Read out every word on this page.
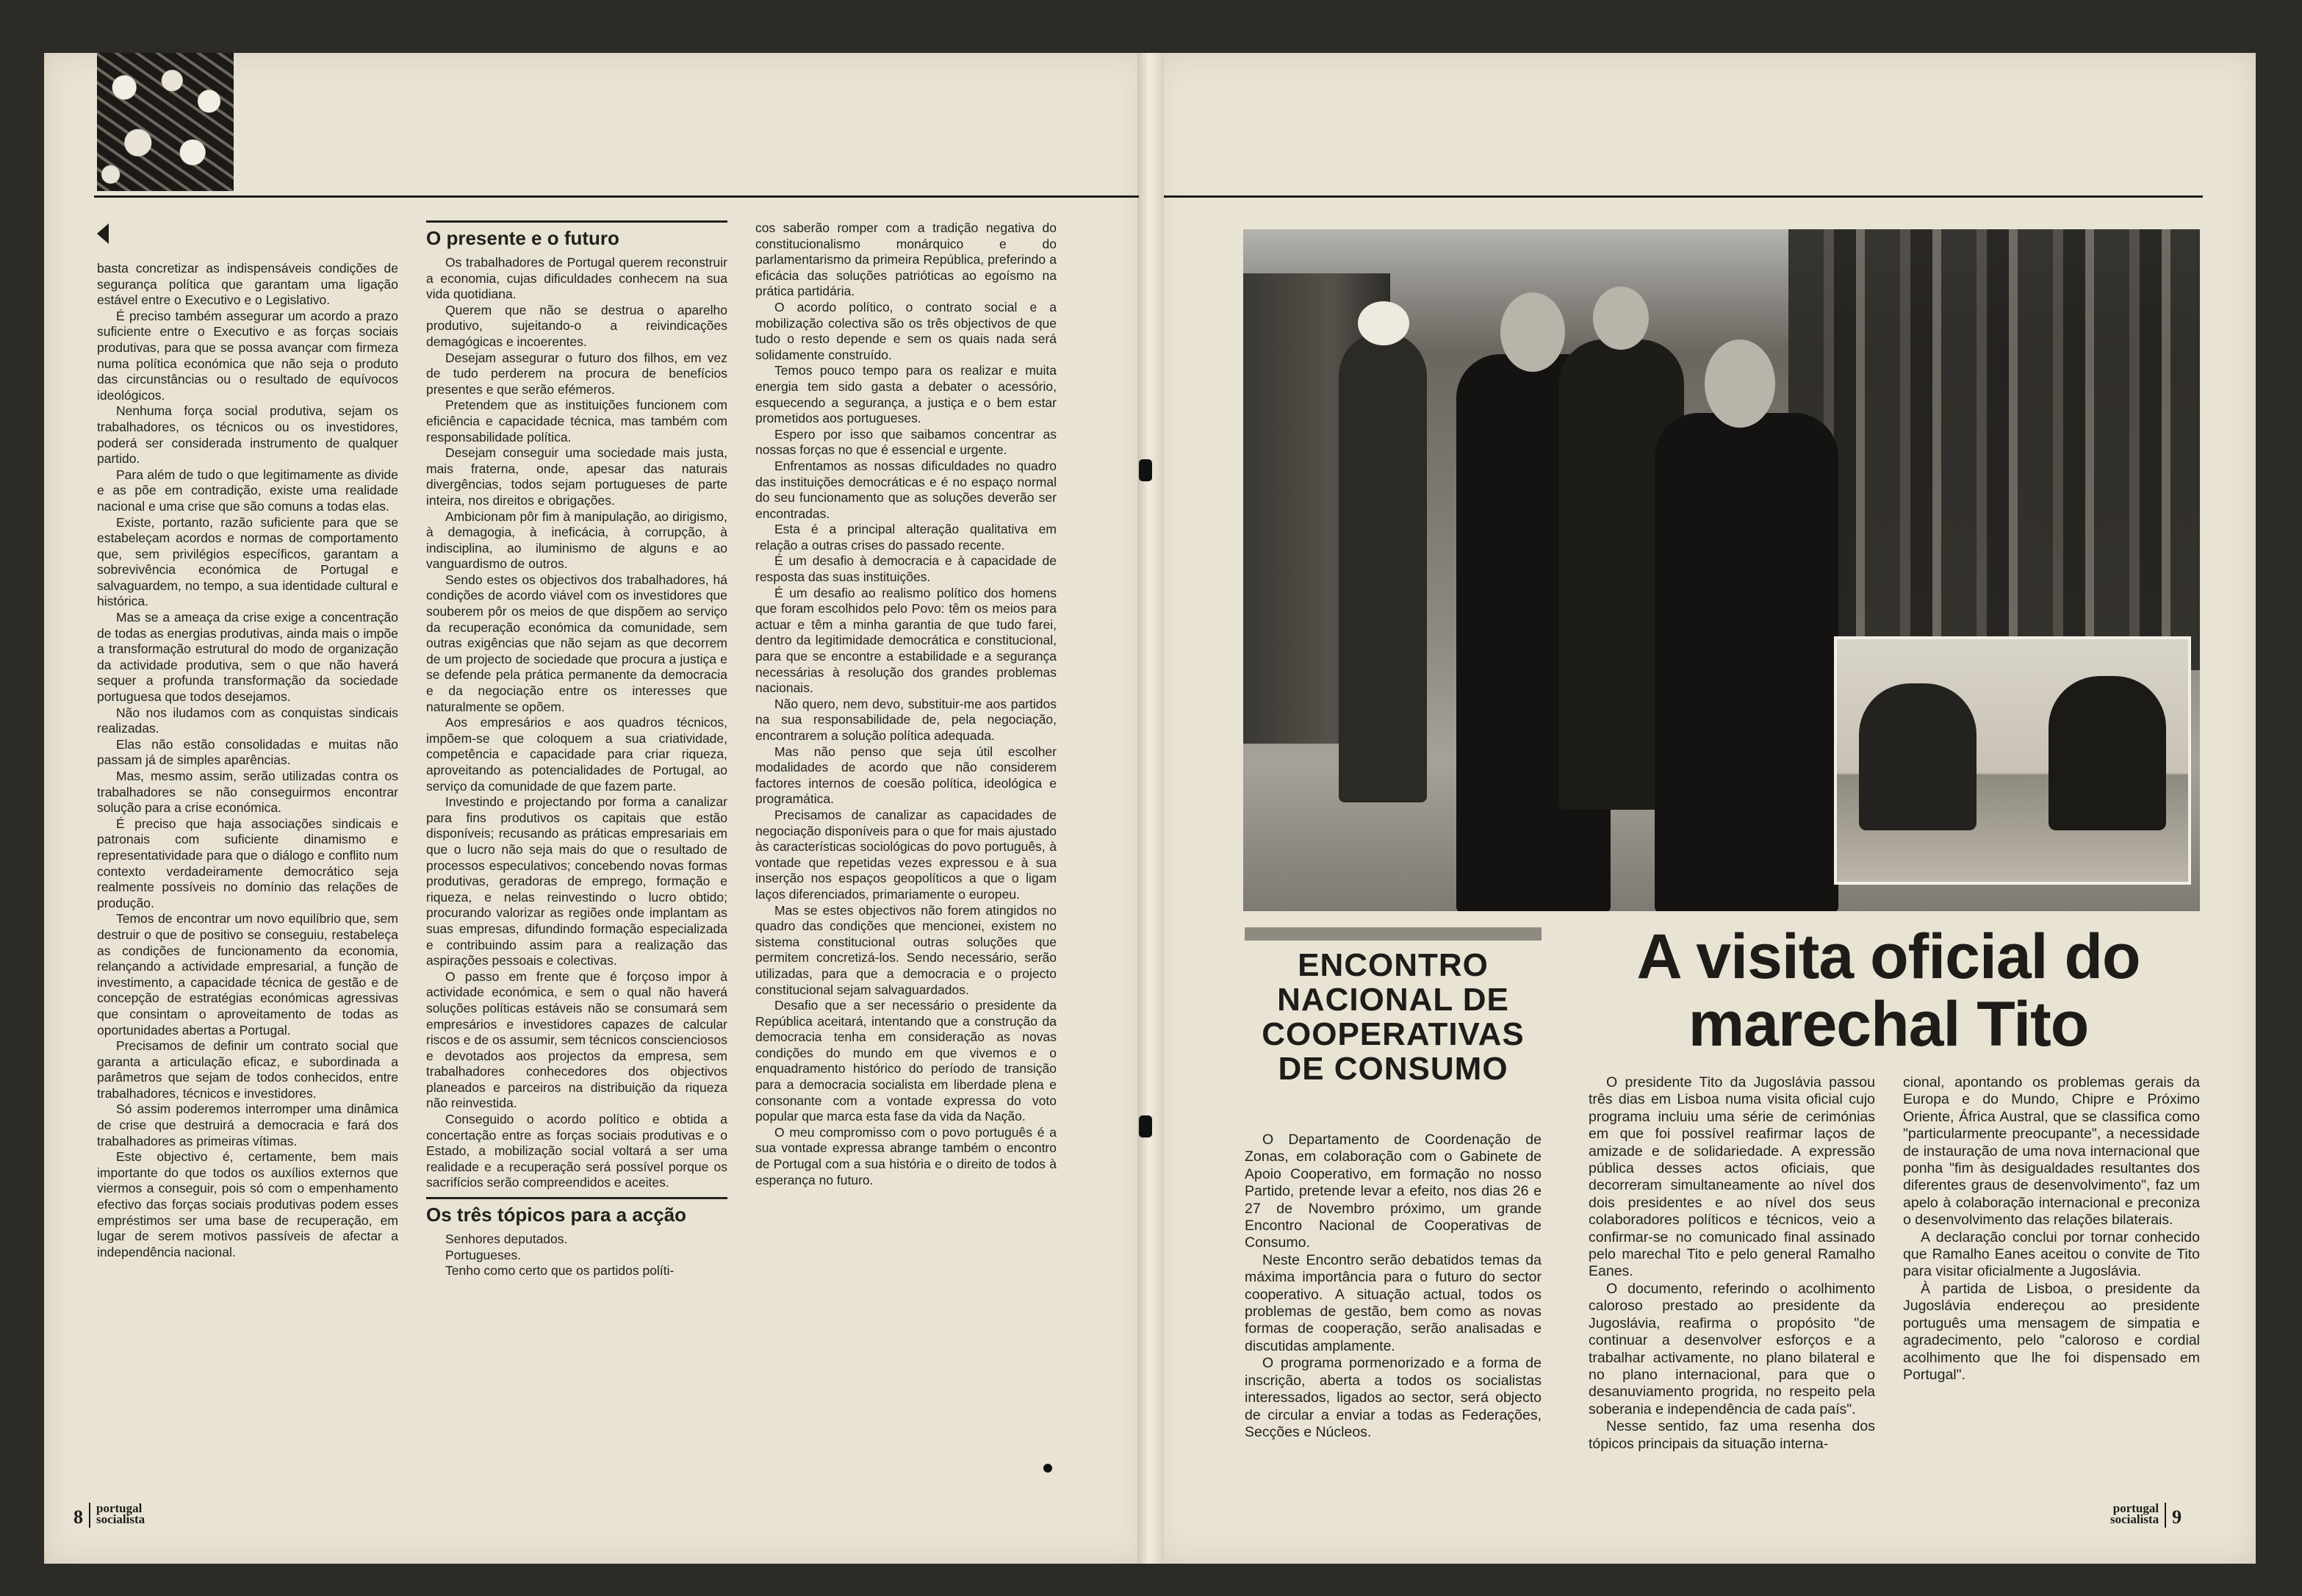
basta concretizar as indispensáveis condições de segurança política que garantam uma ligação estável entre o Executivo e o Legislativo.

É preciso também assegurar um acordo a prazo suficiente entre o Executivo e as forças sociais produtivas, para que se possa avançar com firmeza numa política económica que não seja o produto das circunstâncias ou o resultado de equívocos ideológicos.

Nenhuma força social produtiva, sejam os trabalhadores, os técnicos ou os investidores, poderá ser considerada instrumento de qualquer partido.

Para além de tudo o que legitimamente as divide e as põe em contradição, existe uma realidade nacional e uma crise que são comuns a todas elas.

Existe, portanto, razão suficiente para que se estabeleçam acordos e normas de comportamento que, sem privilégios específicos, garantam a sobrevivência económica de Portugal e salvaguardem, no tempo, a sua identidade cultural e histórica.

Mas se a ameaça da crise exige a concentração de todas as energias produtivas, ainda mais o impõe a transformação estrutural do modo de organização da actividade produtiva, sem o que não haverá sequer a profunda transformação da sociedade portuguesa que todos desejamos.

Não nos iludamos com as conquistas sindicais realizadas.

Elas não estão consolidadas e muitas não passam já de simples aparências.

Mas, mesmo assim, serão utilizadas contra os trabalhadores se não conseguirmos encontrar solução para a crise económica.

É preciso que haja associações sindicais e patronais com suficiente dinamismo e representatividade para que o diálogo e conflito num contexto verdadeiramente democrático seja realmente possíveis no domínio das relações de produção.

Temos de encontrar um novo equilíbrio que, sem destruir o que de positivo se conseguiu, restabeleça as condições de funcionamento da economia, relançando a actividade empresarial, a função de investimento, a capacidade técnica de gestão e de concepção de estratégias económicas agressivas que consintam o aproveitamento de todas as oportunidades abertas a Portugal.

Precisamos de definir um contrato social que garanta a articulação eficaz, e subordinada a parâmetros que sejam de todos conhecidos, entre trabalhadores, técnicos e investidores.

Só assim poderemos interromper uma dinâmica de crise que destruirá a democracia e fará dos trabalhadores as primeiras vítimas.

Este objectivo é, certamente, bem mais importante do que todos os auxílios externos que viermos a conseguir, pois só com o empenhamento efectivo das forças sociais produtivas podem esses empréstimos ser uma base de recuperação, em lugar de serem motivos passíveis de afectar a independência nacional.

O presente e o futuro

Os trabalhadores de Portugal querem reconstruir a economia, cujas dificuldades conhecem na sua vida quotidiana.

Querem que não se destrua o aparelho produtivo, sujeitando-o a reivindicações demagógicas e incoerentes.

Desejam assegurar o futuro dos filhos, em vez de tudo perderem na procura de benefícios presentes e que serão efémeros.

Pretendem que as instituições funcionem com eficiência e capacidade técnica, mas também com responsabilidade política.

Desejam conseguir uma sociedade mais justa, mais fraterna, onde, apesar das naturais divergências, todos sejam portugueses de parte inteira, nos direitos e obrigações.

Ambicionam pôr fim à manipulação, ao dirigismo, à demagogia, à ineficácia, à corrupção, à indisciplina, ao iluminismo de alguns e ao vanguardismo de outros.

Sendo estes os objectivos dos trabalhadores, há condições de acordo viável com os investidores que souberem pôr os meios de que dispõem ao serviço da recuperação económica da comunidade, sem outras exigências que não sejam as que decorrem de um projecto de sociedade que procura a justiça e se defende pela prática permanente da democracia e da negociação entre os interesses que naturalmente se opõem.

Aos empresários e aos quadros técnicos, impõem-se que coloquem a sua criatividade, competência e capacidade para criar riqueza, aproveitando as potencialidades de Portugal, ao serviço da comunidade de que fazem parte.

Investindo e projectando por forma a canalizar para fins produtivos os capitais que estão disponíveis; recusando as práticas empresariais em que o lucro não seja mais do que o resultado de processos especulativos; concebendo novas formas produtivas, geradoras de emprego, formação e riqueza, e nelas reinvestindo o lucro obtido; procurando valorizar as regiões onde implantam as suas empresas, difundindo formação especializada e contribuindo assim para a realização das aspirações pessoais e colectivas.

O passo em frente que é forçoso impor à actividade económica, e sem o qual não haverá soluções políticas estáveis não se consumará sem empresários e investidores capazes de calcular riscos e de os assumir, sem técnicos conscienciosos e devotados aos projectos da empresa, sem trabalhadores conhecedores dos objectivos planeados e parceiros na distribuição da riqueza não reinvestida.

Conseguido o acordo político e obtida a concertação entre as forças sociais produtivas e o Estado, a mobilização social voltará a ser uma realidade e a recuperação será possível porque os sacrifícios serão compreendidos e aceites.

Os três tópicos para a acção

Senhores deputados.

Portugueses.

Tenho como certo que os partidos políti-

cos saberão romper com a tradição negativa do constitucionalismo monárquico e do parlamentarismo da primeira República, preferindo a eficácia das soluções patrióticas ao egoísmo na prática partidária.

O acordo político, o contrato social e a mobilização colectiva são os três objectivos de que tudo o resto depende e sem os quais nada será solidamente construído.

Temos pouco tempo para os realizar e muita energia tem sido gasta a debater o acessório, esquecendo a segurança, a justiça e o bem estar prometidos aos portugueses.

Espero por isso que saibamos concentrar as nossas forças no que é essencial e urgente.

Enfrentamos as nossas dificuldades no quadro das instituições democráticas e é no espaço normal do seu funcionamento que as soluções deverão ser encontradas.

Esta é a principal alteração qualitativa em relação a outras crises do passado recente.

É um desafio à democracia e à capacidade de resposta das suas instituições.

É um desafio ao realismo político dos homens que foram escolhidos pelo Povo: têm os meios para actuar e têm a minha garantia de que tudo farei, dentro da legitimidade democrática e constitucional, para que se encontre a estabilidade e a segurança necessárias à resolução dos grandes problemas nacionais.

Não quero, nem devo, substituir-me aos partidos na sua responsabilidade de, pela negociação, encontrarem a solução política adequada.

Mas não penso que seja útil escolher modalidades de acordo que não considerem factores internos de coesão política, ideológica e programática.

Precisamos de canalizar as capacidades de negociação disponíveis para o que for mais ajustado às características sociológicas do povo português, à vontade que repetidas vezes expressou e à sua inserção nos espaços geopolíticos a que o ligam laços diferenciados, primariamente o europeu.

Mas se estes objectivos não forem atingidos no quadro das condições que mencionei, existem no sistema constitucional outras soluções que permitem concretizá-los. Sendo necessário, serão utilizadas, para que a democracia e o projecto constitucional sejam salvaguardados.

Desafio que a ser necessário o presidente da República aceitará, intentando que a construção da democracia tenha em consideração as novas condições do mundo em que vivemos e o enquadramento histórico do período de transição para a democracia socialista em liberdade plena e consonante com a vontade expressa do voto popular que marca esta fase da vida da Nação.

O meu compromisso com o povo português é a sua vontade expressa abrange também o encontro de Portugal com a sua história e o direito de todos à esperança no futuro.

8 portugal
socialista
ENCONTRO NACIONAL DE COOPERATIVAS DE CONSUMO

O Departamento de Coordenação de Zonas, em colaboração com o Gabinete de Apoio Cooperativo, em formação no nosso Partido, pretende levar a efeito, nos dias 26 e 27 de Novembro próximo, um grande Encontro Nacional de Cooperativas de Consumo.

Neste Encontro serão debatidos temas da máxima importância para o futuro do sector cooperativo. A situação actual, todos os problemas de gestão, bem como as novas formas de cooperação, serão analisadas e discutidas amplamente.

O programa pormenorizado e a forma de inscrição, aberta a todos os socialistas interessados, ligados ao sector, será objecto de circular a enviar a todas as Federações, Secções e Núcleos.

A visita oficial do marechal Tito

O presidente Tito da Jugoslávia passou três dias em Lisboa numa visita oficial cujo programa incluiu uma série de cerimónias em que foi possível reafirmar laços de amizade e de solidariedade. A expressão pública desses actos oficiais, que decorreram simultaneamente ao nível dos dois presidentes e ao nível dos seus colaboradores políticos e técnicos, veio a confirmar-se no comunicado final assinado pelo marechal Tito e pelo general Ramalho Eanes.

O documento, referindo o acolhimento caloroso prestado ao presidente da Jugoslávia, reafirma o propósito "de continuar a desenvolver esforços e a trabalhar activamente, no plano bilateral e no plano internacional, para que o desanuviamento progrida, no respeito pela soberania e independência de cada país".

Nesse sentido, faz uma resenha dos tópicos principais da situação interna-

cional, apontando os problemas gerais da Europa e do Mundo, Chipre e Próximo Oriente, África Austral, que se classifica como "particularmente preocupante", a necessidade de instauração de uma nova internacional que ponha "fim às desigualdades resultantes dos diferentes graus de desenvolvimento", faz um apelo à colaboração internacional e preconiza o desenvolvimento das relações bilaterais.

A declaração conclui por tornar conhecido que Ramalho Eanes aceitou o convite de Tito para visitar oficialmente a Jugoslávia.

À partida de Lisboa, o presidente da Jugoslávia endereçou ao presidente português uma mensagem de simpatia e agradecimento, pelo "caloroso e cordial acolhimento que lhe foi dispensado em Portugal".

portugal
socialista 9
